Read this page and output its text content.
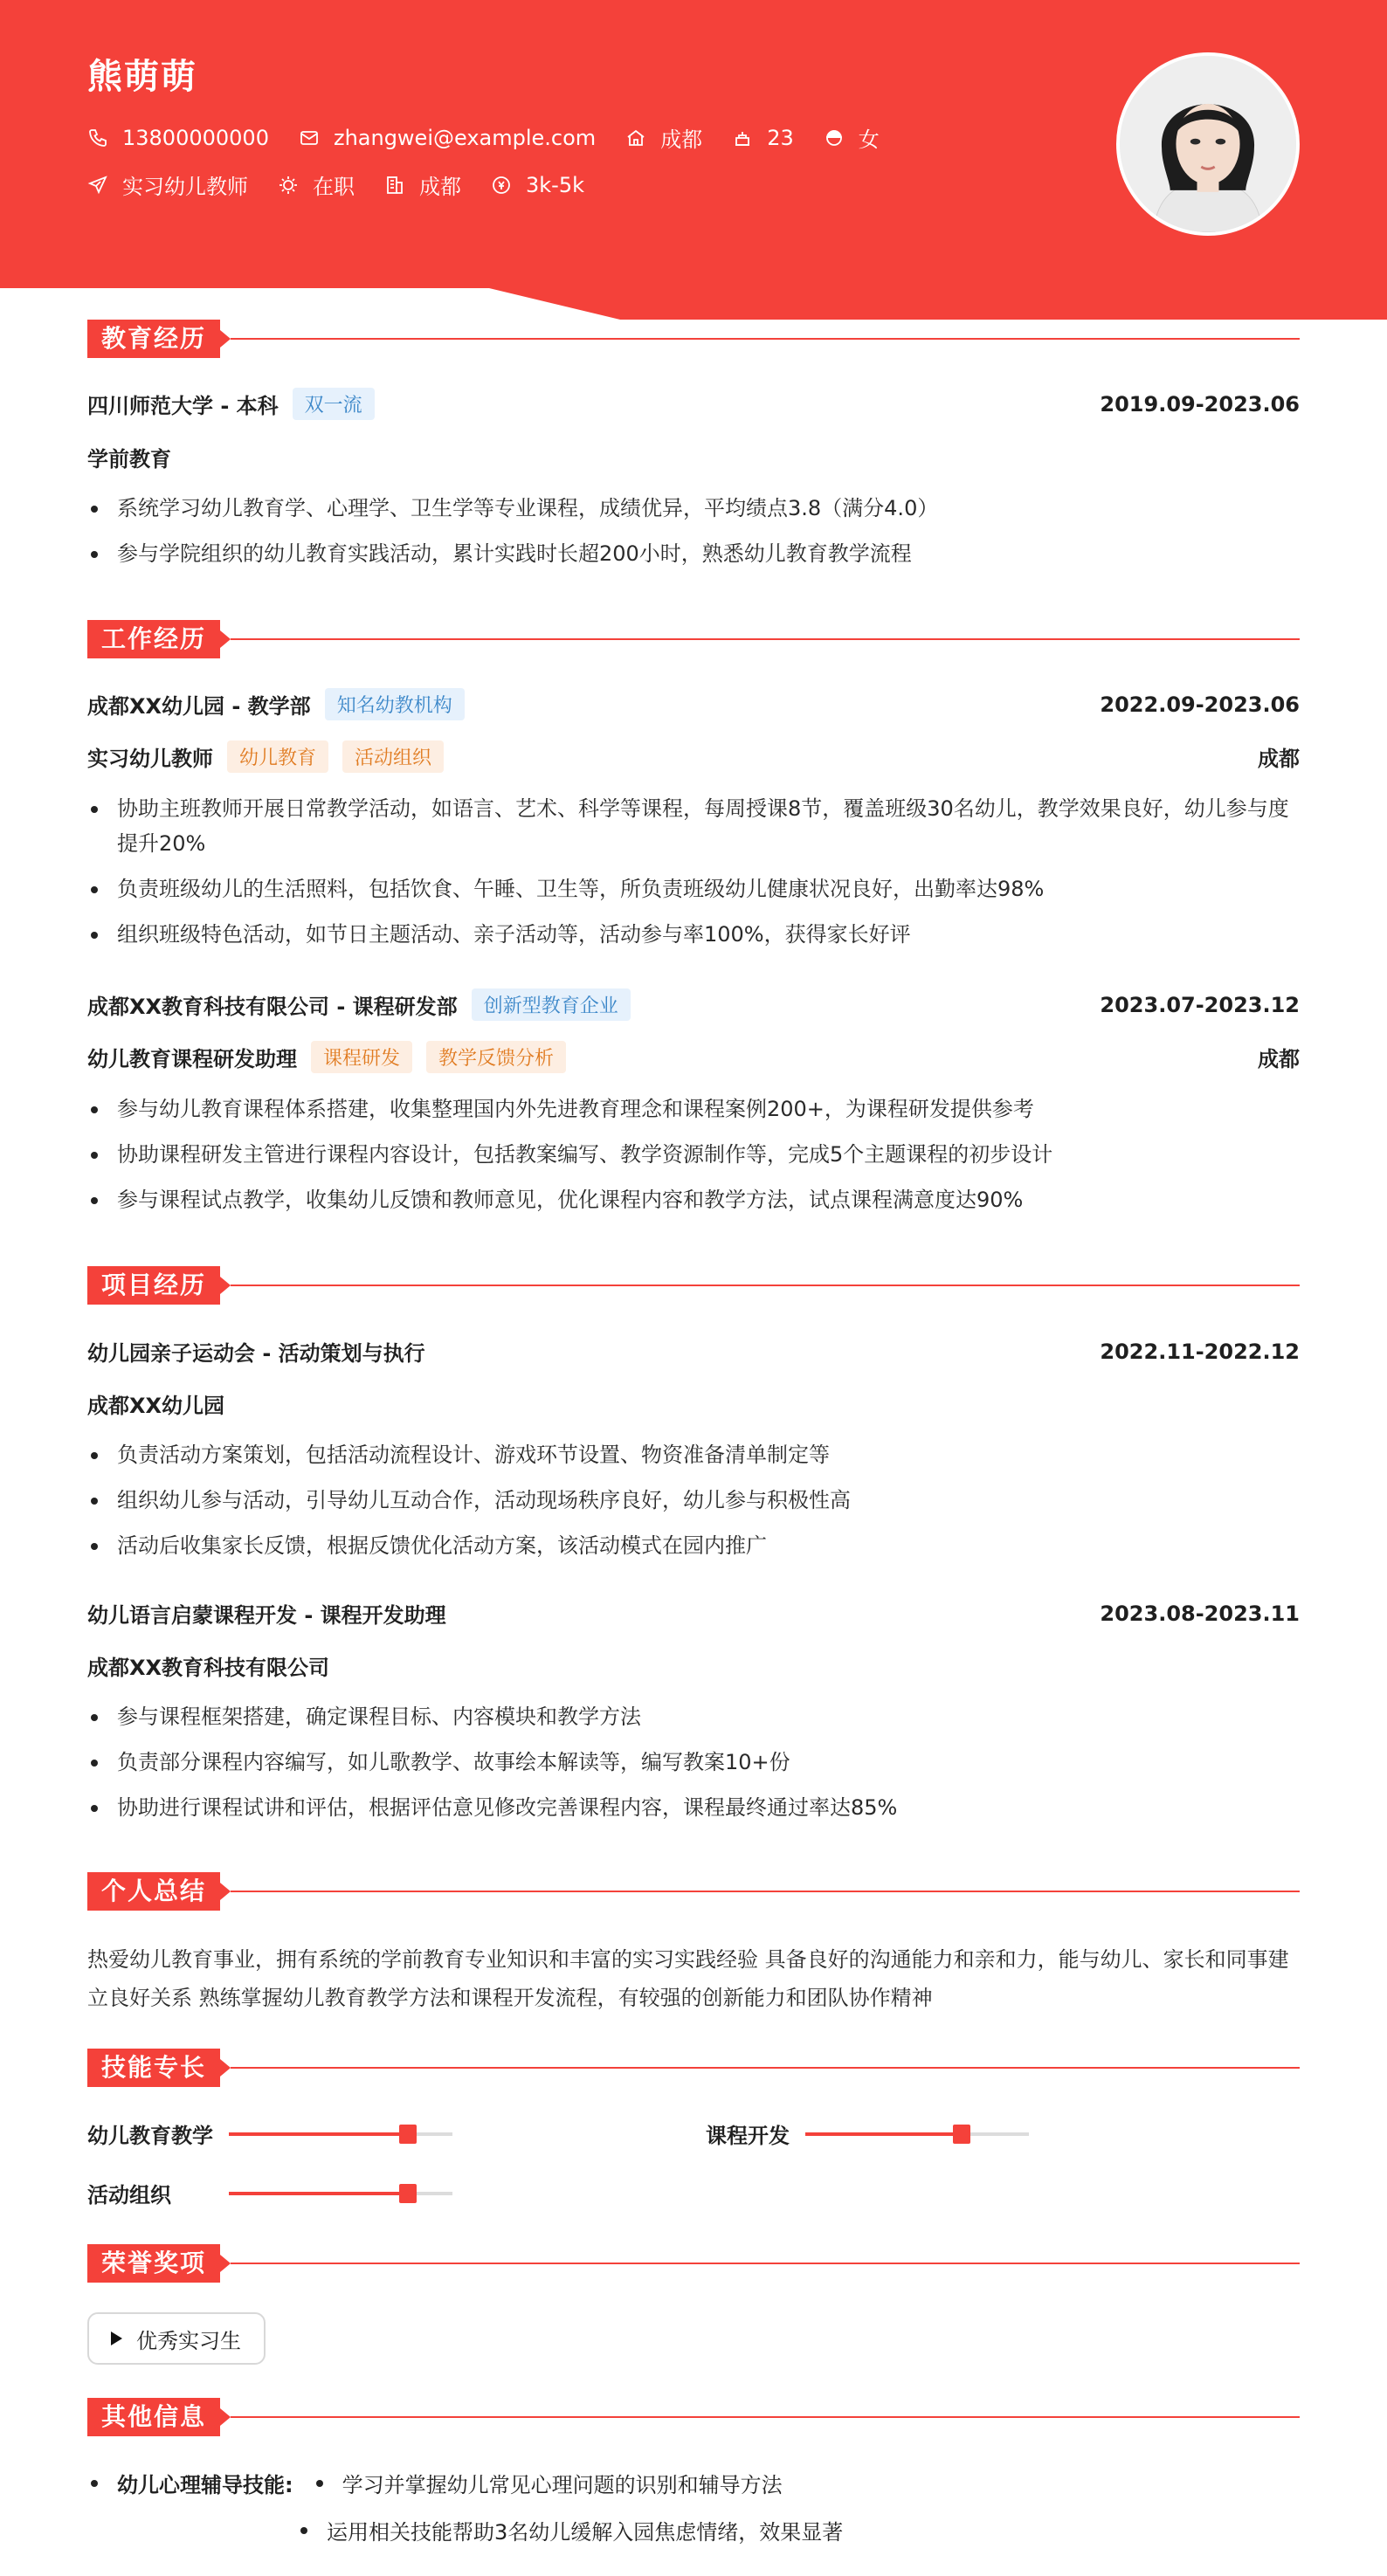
熊萌萌
13800000000	zhangwei@example.com	成都	23	女
实习幼儿教师	在职	成都	3k-5k
教育经历
四川师范大学 - 本科	双一流	2019.09-2023.06
学前教育
系统学习幼儿教育学、心理学、卫生学等专业课程，成绩优异，平均绩点3.8（满分4.0）
参与学院组织的幼儿教育实践活动，累计实践时长超200小时，熟悉幼儿教育教学流程
工作经历
成都XX幼儿园 - 教学部	知名幼教机构	2022.09-2023.06
实习幼儿教师	幼儿教育	活动组织	成都
协助主班教师开展日常教学活动，如语言、艺术、科学等课程，每周授课8节，覆盖班级30名幼儿，教学效果良好，幼儿参与度提升20%
负责班级幼儿的生活照料，包括饮食、午睡、卫生等，所负责班级幼儿健康状况良好，出勤率达98%
组织班级特色活动，如节日主题活动、亲子活动等，活动参与率100%，获得家长好评
成都XX教育科技有限公司 - 课程研发部	创新型教育企业	2023.07-2023.12
幼儿教育课程研发助理	课程研发	教学反馈分析	成都
参与幼儿教育课程体系搭建，收集整理国内外先进教育理念和课程案例200+，为课程研发提供参考
协助课程研发主管进行课程内容设计，包括教案编写、教学资源制作等，完成5个主题课程的初步设计
参与课程试点教学，收集幼儿反馈和教师意见，优化课程内容和教学方法，试点课程满意度达90%
项目经历
幼儿园亲子运动会 - 活动策划与执行	2022.11-2022.12
成都XX幼儿园
负责活动方案策划，包括活动流程设计、游戏环节设置、物资准备清单制定等
组织幼儿参与活动，引导幼儿互动合作，活动现场秩序良好，幼儿参与积极性高
活动后收集家长反馈，根据反馈优化活动方案，该活动模式在园内推广
幼儿语言启蒙课程开发 - 课程开发助理	2023.08-2023.11
成都XX教育科技有限公司
参与课程框架搭建，确定课程目标、内容模块和教学方法
负责部分课程内容编写，如儿歌教学、故事绘本解读等，编写教案10+份
协助进行课程试讲和评估，根据评估意见修改完善课程内容，课程最终通过率达85%
个人总结
热爱幼儿教育事业，拥有系统的学前教育专业知识和丰富的实习实践经验 具备良好的沟通能力和亲和力，能与幼儿、家长和同事建立良好关系 熟练掌握幼儿教育教学方法和课程开发流程，有较强的创新能力和团队协作精神
技能专长
幼儿教育教学	课程开发
活动组织
荣誉奖项
优秀实习生
其他信息
幼儿心理辅导技能: 学习并掌握幼儿常见心理问题的识别和辅导方法
运用相关技能帮助3名幼儿缓解入园焦虑情绪，效果显著
